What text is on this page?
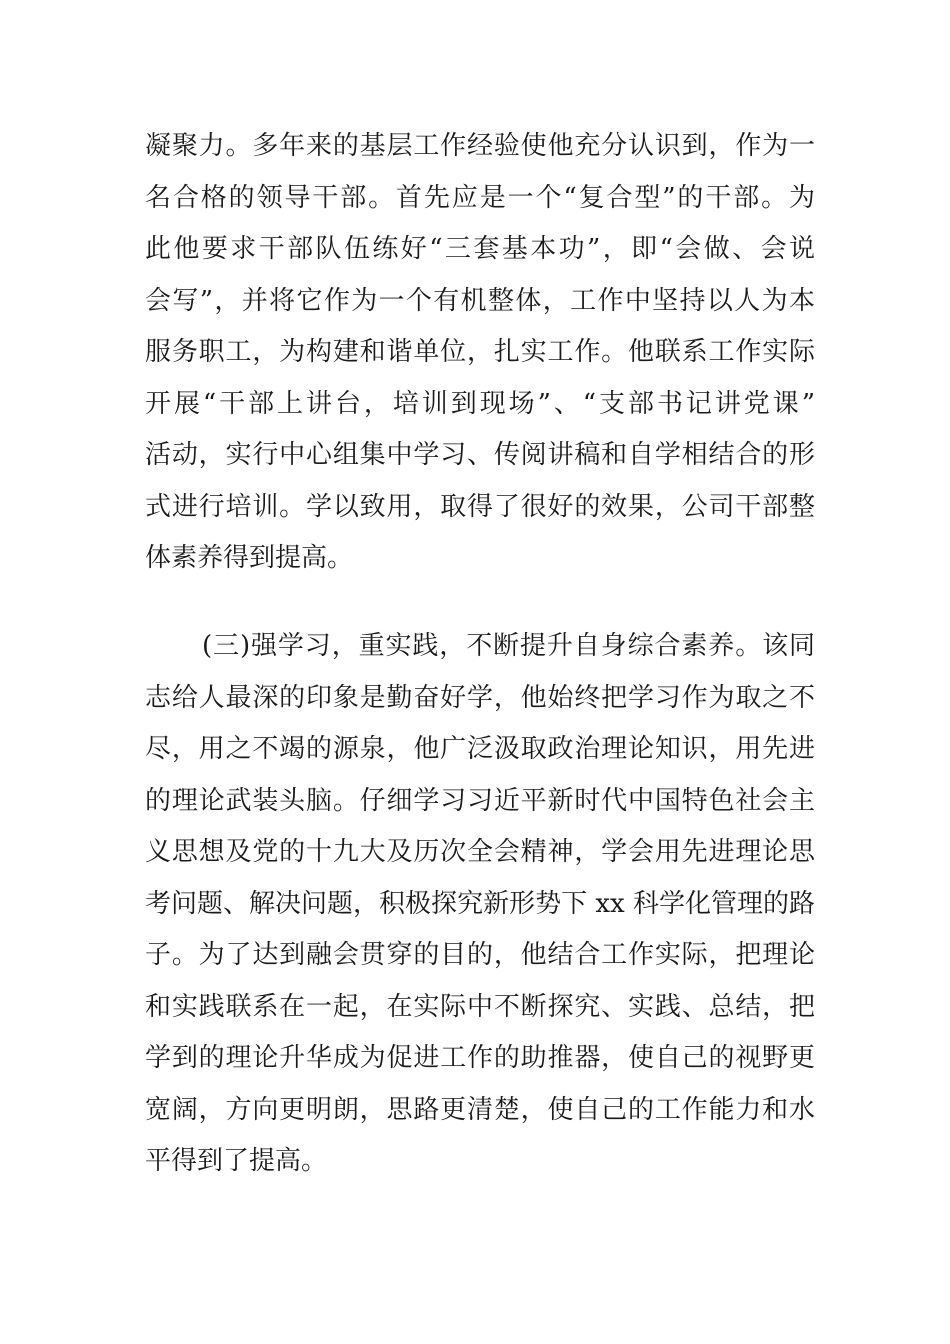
凝聚力。多年来的基层工作经验使他充分认识到，作为一
名合格的领导干部。首先应是一个“复合型”的干部。为
此他要求干部队伍练好“三套基本功”，即“会做、会说
会写”，并将它作为一个有机整体，工作中坚持以人为本
服务职工，为构建和谐单位，扎实工作。他联系工作实际
开展“干部上讲台，培训到现场”、“支部书记讲党课”
活动，实行中心组集中学习、传阅讲稿和自学相结合的形
式进行培训。学以致用，取得了很好的效果，公司干部整
体素养得到提高。
(三)强学习，重实践，不断提升自身综合素养。该同
志给人最深的印象是勤奋好学，他始终把学习作为取之不
尽，用之不竭的源泉，他广泛汲取政治理论知识，用先进
的理论武装头脑。仔细学习习近平新时代中国特色社会主
义思想及党的十九大及历次全会精神，学会用先进理论思
考问题、解决问题，积极探究新形势下 xx 科学化管理的路
子。为了达到融会贯穿的目的，他结合工作实际，把理论
和实践联系在一起，在实际中不断探究、实践、总结，把
学到的理论升华成为促进工作的助推器，使自己的视野更
宽阔，方向更明朗，思路更清楚，使自己的工作能力和水
平得到了提高。
